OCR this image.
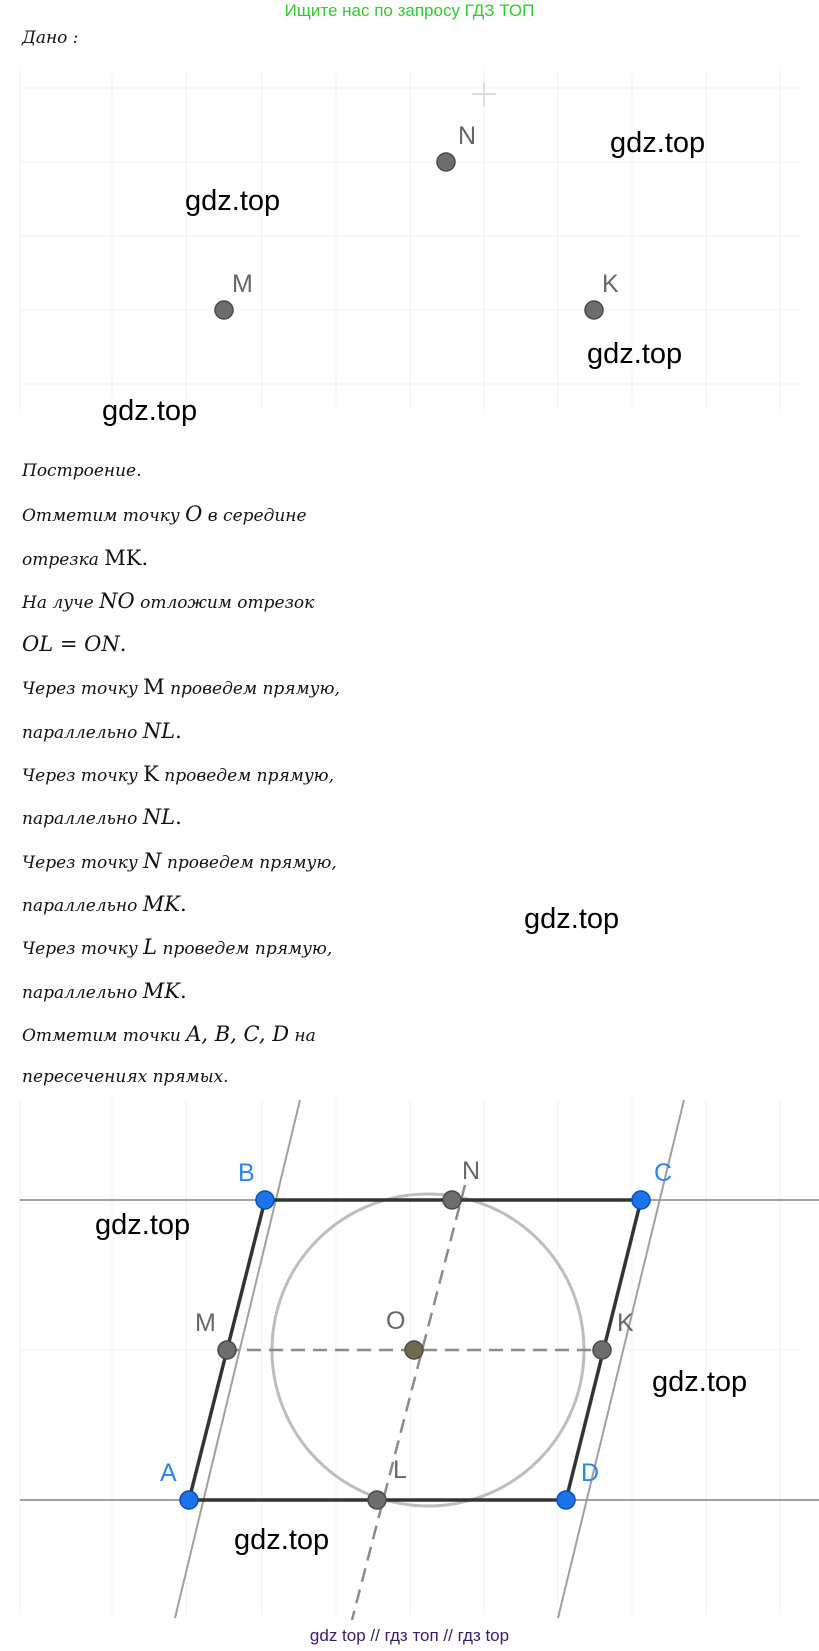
Ищите нас по запросу ГДЗ ТОП
Дано :
N
M	K
gdz.top
gdz.top
gdz.top
gdz.top
Построение.
Отметим точку O в середине
отрезка MK.
На луче NO отложим отрезок
OL = ON.
Через точку M проведем прямую,
параллельно NL.
Через точку K проведем прямую,
параллельно NL.
Через точку N проведем прямую,
параллельно MK.
Через точку L проведем прямую,
параллельно MK.
Отметим точки A, B, C, D на
пересечениях прямых.
gdz.top
A
B	C
D
M
N
K
L
O
gdz.top
gdz.top
gdz.top
gdz top // гдз топ // гдз top
